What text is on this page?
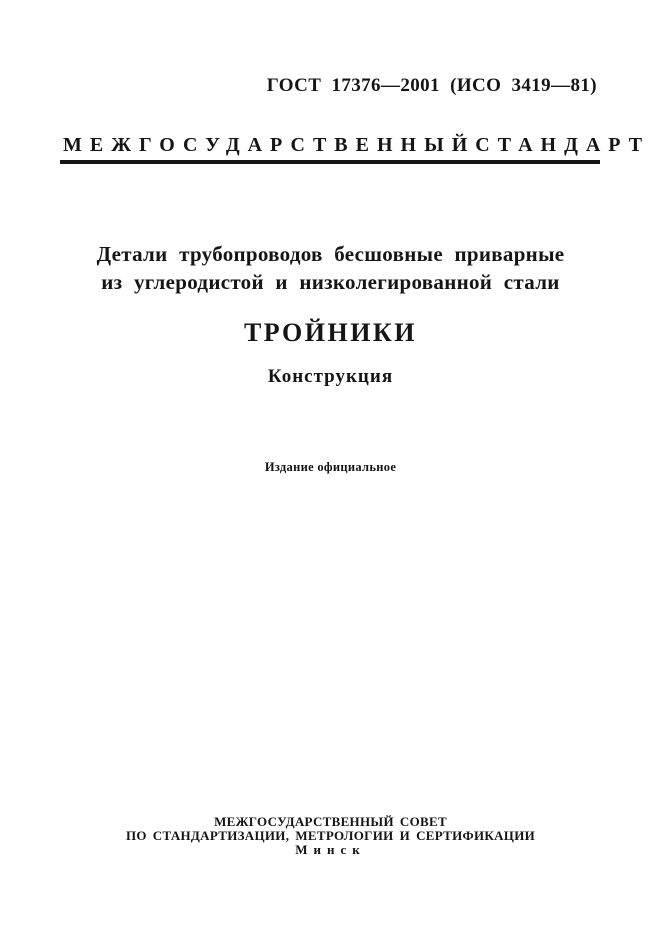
ГОСТ 17376—2001 (ИСО 3419—81)
МЕЖГОСУДАРСТВЕННЫЙ СТАНДАРТ
Детали трубопроводов бесшовные приварные
из углеродистой и низколегированной стали
ТРОЙНИКИ
Конструкция
Издание официальное
МЕЖГОСУДАРСТВЕННЫЙ СОВЕТ
ПО СТАНДАРТИЗАЦИИ, МЕТРОЛОГИИ И СЕРТИФИКАЦИИ
Минск
